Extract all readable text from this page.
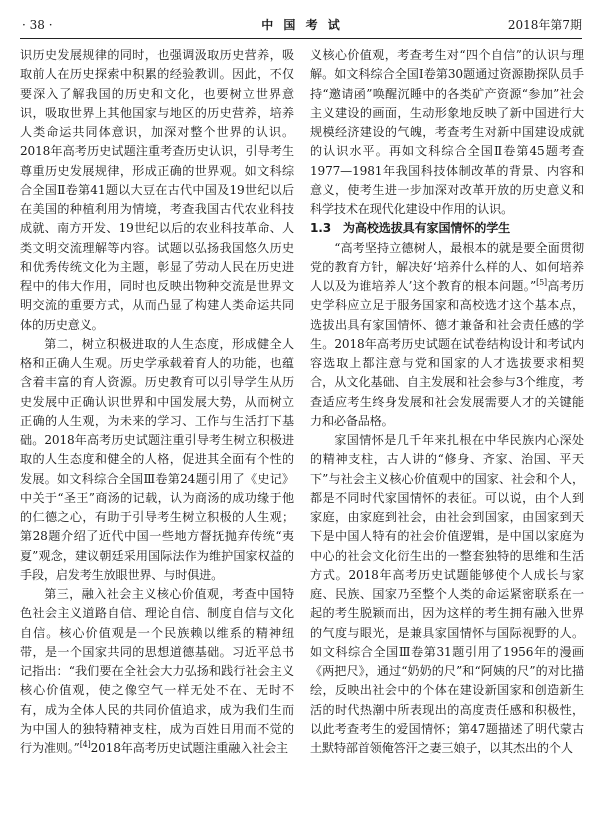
· 38 ·	中 国 考 试	2018年第7期

识历史发展规律的同时，也强调汲取历史营养，吸取前人在历史探索中积累的经验教训。因此，不仅要深入了解我国的历史和文化，也要树立世界意识，吸取世界上其他国家与地区的历史营养，培养人类命运共同体意识，加深对整个世界的认识。2018年高考历史试题注重考查历史认识，引导考生尊重历史发展规律，形成正确的世界观。如文科综合全国Ⅱ卷第41题以大豆在古代中国及19世纪以后在美国的种植利用为情境，考查我国古代农业科技成就、南方开发、19世纪以后的农业科技革命、人类文明交流理解等内容。试题以弘扬我国悠久历史和优秀传统文化为主题，彰显了劳动人民在历史进程中的伟大作用，同时也反映出物种交流是世界文明交流的重要方式，从而凸显了构建人类命运共同体的历史意义。

第二，树立积极进取的人生态度，形成健全人格和正确人生观。历史学承载着育人的功能，也蕴含着丰富的育人资源。历史教育可以引导学生从历史发展中正确认识世界和中国发展大势，从而树立正确的人生观，为未来的学习、工作与生活打下基础。2018年高考历史试题注重引导考生树立积极进取的人生态度和健全的人格，促进其全面有个性的发展。如文科综合全国Ⅲ卷第24题引用了《史记》中关于“圣王”商汤的记载，认为商汤的成功缘于他的仁德之心，有助于引导考生树立积极的人生观；第28题介绍了近代中国一些地方督抚抛弃传统“夷夏”观念，建议朝廷采用国际法作为维护国家权益的手段，启发考生放眼世界、与时俱进。

第三，融入社会主义核心价值观，考查中国特色社会主义道路自信、理论自信、制度自信与文化自信。核心价值观是一个民族赖以维系的精神纽带，是一个国家共同的思想道德基础。习近平总书记指出：“我们要在全社会大力弘扬和践行社会主义核心价值观，使之像空气一样无处不在、无时不有，成为全体人民的共同价值追求，成为我们生而为中国人的独特精神支柱，成为百姓日用而不觉的行为准则。”[4]2018年高考历史试题注重融入社会主

义核心价值观，考查考生对“四个自信”的认识与理解。如文科综合全国Ⅰ卷第30题通过资源勘探队员手持“邀请函”唤醒沉睡中的各类矿产资源“参加”社会主义建设的画面，生动形象地反映了新中国进行大规模经济建设的气魄，考查考生对新中国建设成就的认识水平。再如文科综合全国Ⅱ卷第45题考查1977—1981年我国科技体制改革的背景、内容和意义，使考生进一步加深对改革开放的历史意义和科学技术在现代化建设中作用的认识。

1.3　为高校选拔具有家国情怀的学生

“高考坚持立德树人，最根本的就是要全面贯彻党的教育方针，解决好‘培养什么样的人、如何培养人以及为谁培养人’这个教育的根本问题。”[5]高考历史学科应立足于服务国家和高校选才这个基本点，选拔出具有家国情怀、德才兼备和社会责任感的学生。2018年高考历史试题在试卷结构设计和考试内容选取上都注意与党和国家的人才选拔要求相契合，从文化基础、自主发展和社会参与3个维度，考查适应考生终身发展和社会发展需要人才的关键能力和必备品格。

家国情怀是几千年来扎根在中华民族内心深处的精神支柱，古人讲的“修身、齐家、治国、平天下”与社会主义核心价值观中的国家、社会和个人，都是不同时代家国情怀的表征。可以说，由个人到家庭，由家庭到社会，由社会到国家，由国家到天下是中国人特有的社会价值逻辑，是中国以家庭为中心的社会文化衍生出的一整套独特的思维和生活方式。2018年高考历史试题能够使个人成长与家庭、民族、国家乃至整个人类的命运紧密联系在一起的考生脱颖而出，因为这样的考生拥有融入世界的气度与眼光，是兼具家国情怀与国际视野的人。如文科综合全国Ⅲ卷第31题引用了1956年的漫画《两把尺》，通过“奶奶的尺”和“阿姨的尺”的对比描绘，反映出社会中的个体在建设新国家和创造新生活的时代热潮中所表现出的高度责任感和积极性，以此考查考生的爱国情怀；第47题描述了明代蒙古土默特部首领俺答汗之妻三娘子，以其杰出的个人
